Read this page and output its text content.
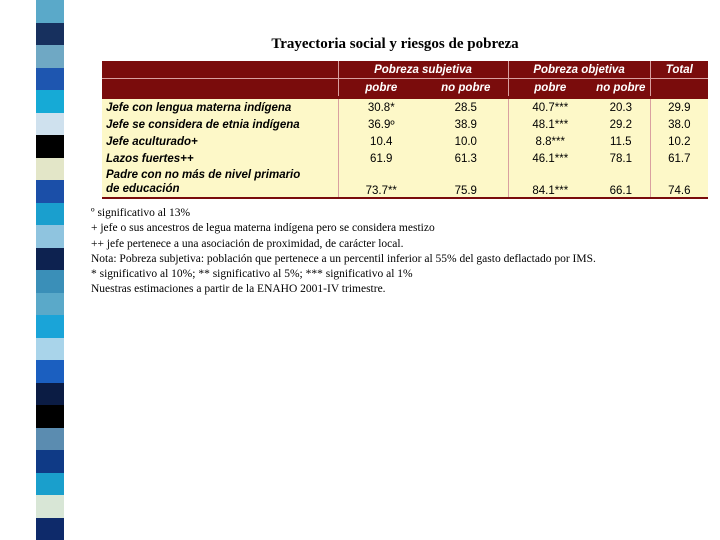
Trayectoria social y riesgos de pobreza
	Pobreza subjetiva		Pobreza objetiva		Total
	pobre	no pobre	pobre	no pobre	
Jefe con lengua materna indígena	30.8*	28.5	40.7***	20.3	29.9
Jefe se considera de etnia indígena	36.9º	38.9	48.1***	29.2	38.0
Jefe aculturado+	10.4	10.0	8.8***	11.5	10.2
Lazos fuertes++	61.9	61.3	46.1***	78.1	61.7

Padre con no más de nivel primario
de educación	73.7**	75.9	84.1***	66.1	74.6
º significativo al 13%
+ jefe o sus ancestros de legua materna indígena pero se considera mestizo
++ jefe pertenece a una asociación de proximidad, de carácter local.
Nota: Pobreza subjetiva: población que pertenece a un percentil inferior al 55% del gasto deflactado por IMS.
* significativo al 10%; ** significativo al 5%; *** significativo al 1%
Nuestras estimaciones a partir de la ENAHO 2001-IV trimestre.
